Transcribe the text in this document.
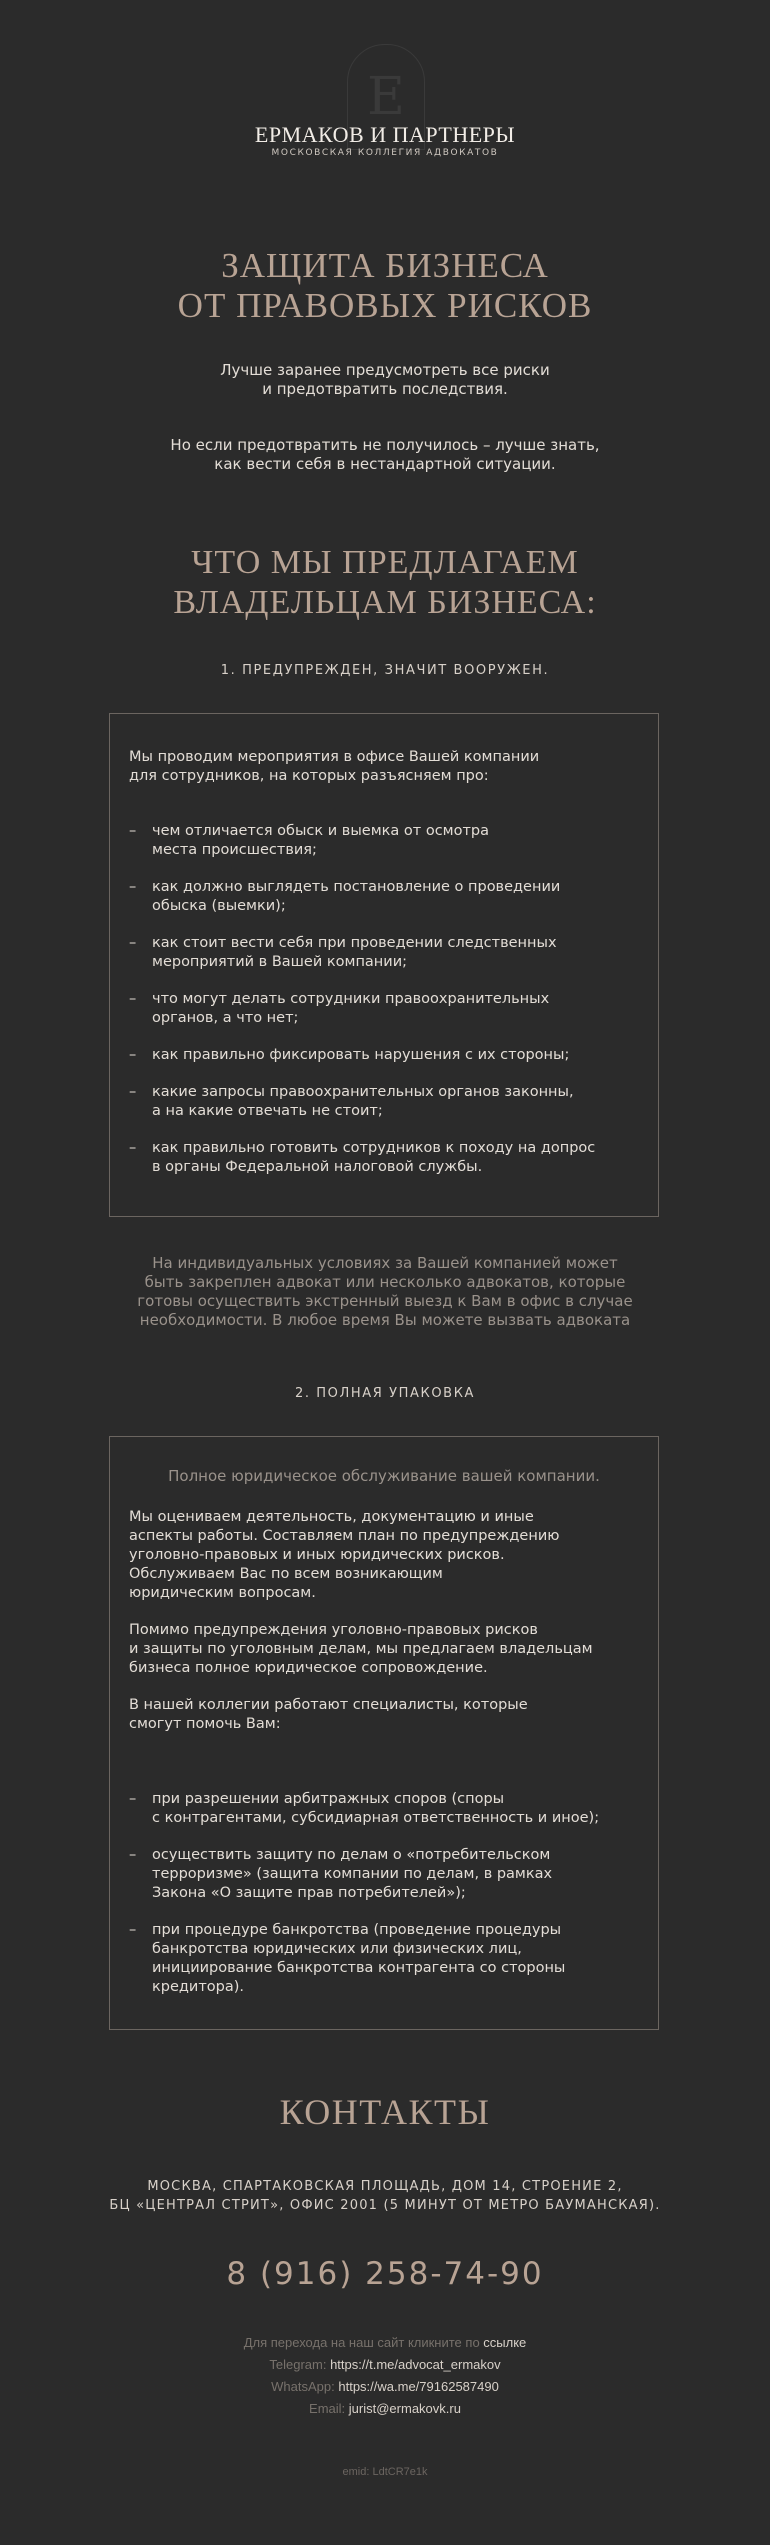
E
ЕРМАКОВ И ПАРТНЕРЫ
МОСКОВСКАЯ КОЛЛЕГИЯ АДВОКАТОВ
ЗАЩИТА БИЗНЕСА
ОТ ПРАВОВЫХ РИСКОВ
Лучше заранее предусмотреть все риски
и предотвратить последствия.
Но если предотвратить не получилось – лучше знать,
как вести себя в нестандартной ситуации.
ЧТО МЫ ПРЕДЛАГАЕМ
ВЛАДЕЛЬЦАМ БИЗНЕСА:
1. ПРЕДУПРЕЖДЕН, ЗНАЧИТ ВООРУЖЕН.
Мы проводим мероприятия в офисе Вашей компании
для сотрудников, на которых разъясняем про:
– чем отличается обыск и выемка от осмотра
места происшествия;
– как должно выглядеть постановление о проведении
обыска (выемки);
– как стоит вести себя при проведении следственных
мероприятий в Вашей компании;
– что могут делать сотрудники правоохранительных
органов, а что нет;
– как правильно фиксировать нарушения с их стороны;
– какие запросы правоохранительных органов законны,
а на какие отвечать не стоит;
– как правильно готовить сотрудников к походу на допрос
в органы Федеральной налоговой службы.
На индивидуальных условиях за Вашей компанией может
быть закреплен адвокат или несколько адвокатов, которые
готовы осуществить экстренный выезд к Вам в офис в случае
необходимости. В любое время Вы можете вызвать адвоката
2. ПОЛНАЯ УПАКОВКА
Полное юридическое обслуживание вашей компании.
Мы оцениваем деятельность, документацию и иные
аспекты работы. Составляем план по предупреждению
уголовно-правовых и иных юридических рисков.
Обслуживаем Вас по всем возникающим
юридическим вопросам.
Помимо предупреждения уголовно-правовых рисков
и защиты по уголовным делам, мы предлагаем владельцам
бизнеса полное юридическое сопровождение.
В нашей коллегии работают специалисты, которые
смогут помочь Вам:
– при разрешении арбитражных споров (споры
с контрагентами, субсидиарная ответственность и иное);
– осуществить защиту по делам о «потребительском
терроризме» (защита компании по делам, в рамках
Закона «О защите прав потребителей»);
– при процедуре банкротства (проведение процедуры
банкротства юридических или физических лиц,
инициирование банкротства контрагента со стороны
кредитора).
КОНТАКТЫ
МОСКВА, СПАРТАКОВСКАЯ ПЛОЩАДЬ, ДОМ 14, СТРОЕНИЕ 2,
БЦ «ЦЕНТРАЛ СТРИТ», ОФИС 2001 (5 МИНУТ ОТ МЕТРО БАУМАНСКАЯ).
8 (916) 258-74-90
Для перехода на наш сайт кликните по ссылке
Telegram: https://t.me/advocat_ermakov
WhatsApp: https://wa.me/79162587490
Email: jurist@ermakovk.ru
emid: LdtCR7e1k
